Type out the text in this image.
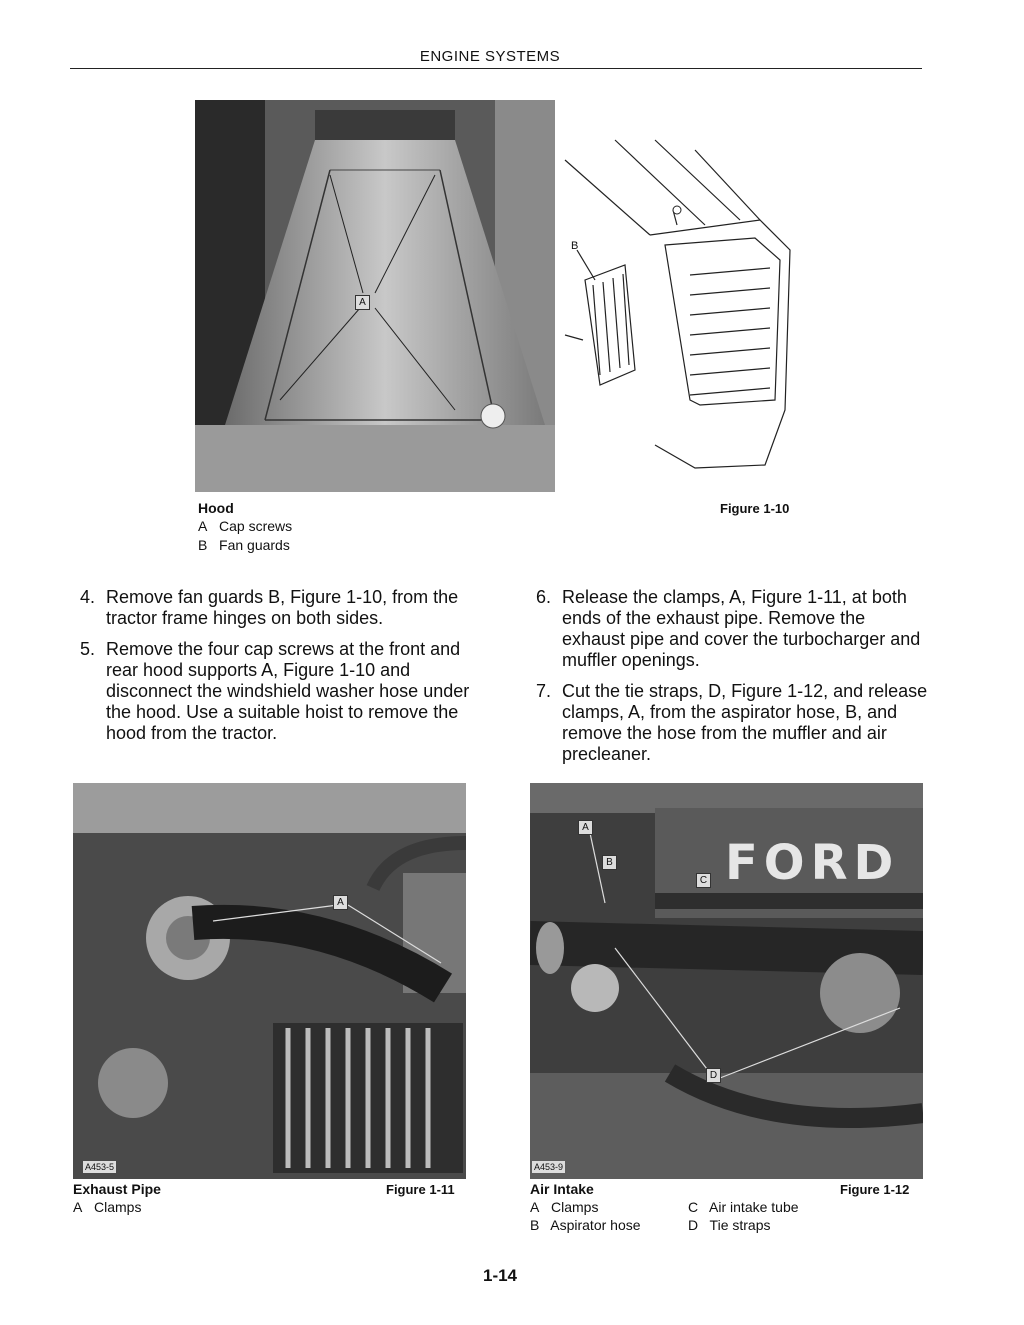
ENGINE SYSTEMS
A
B
Hood
A Cap screws
B Fan guards
Figure 1-10
4. Remove fan guards B, Figure 1-10, from the tractor frame hinges on both sides.
5. Remove the four cap screws at the front and rear hood supports A, Figure 1-10 and disconnect the windshield washer hose under the hood. Use a suitable hoist to remove the hood from the tractor.
6. Release the clamps, A, Figure 1-11, at both ends of the exhaust pipe. Remove the exhaust pipe and cover the turbocharger and muffler openings.
7. Cut the tie straps, D, Figure 1-12, and release clamps, A, from the aspirator hose, B, and remove the hose from the muffler and air precleaner.
A
A453-5
Exhaust Pipe
A Clamps
Figure 1-11
FORD
A
B
C
D
A453-9
Air Intake
A Clamps
B Aspirator hose
C Air intake tube
D Tie straps
Figure 1-12
1-14
